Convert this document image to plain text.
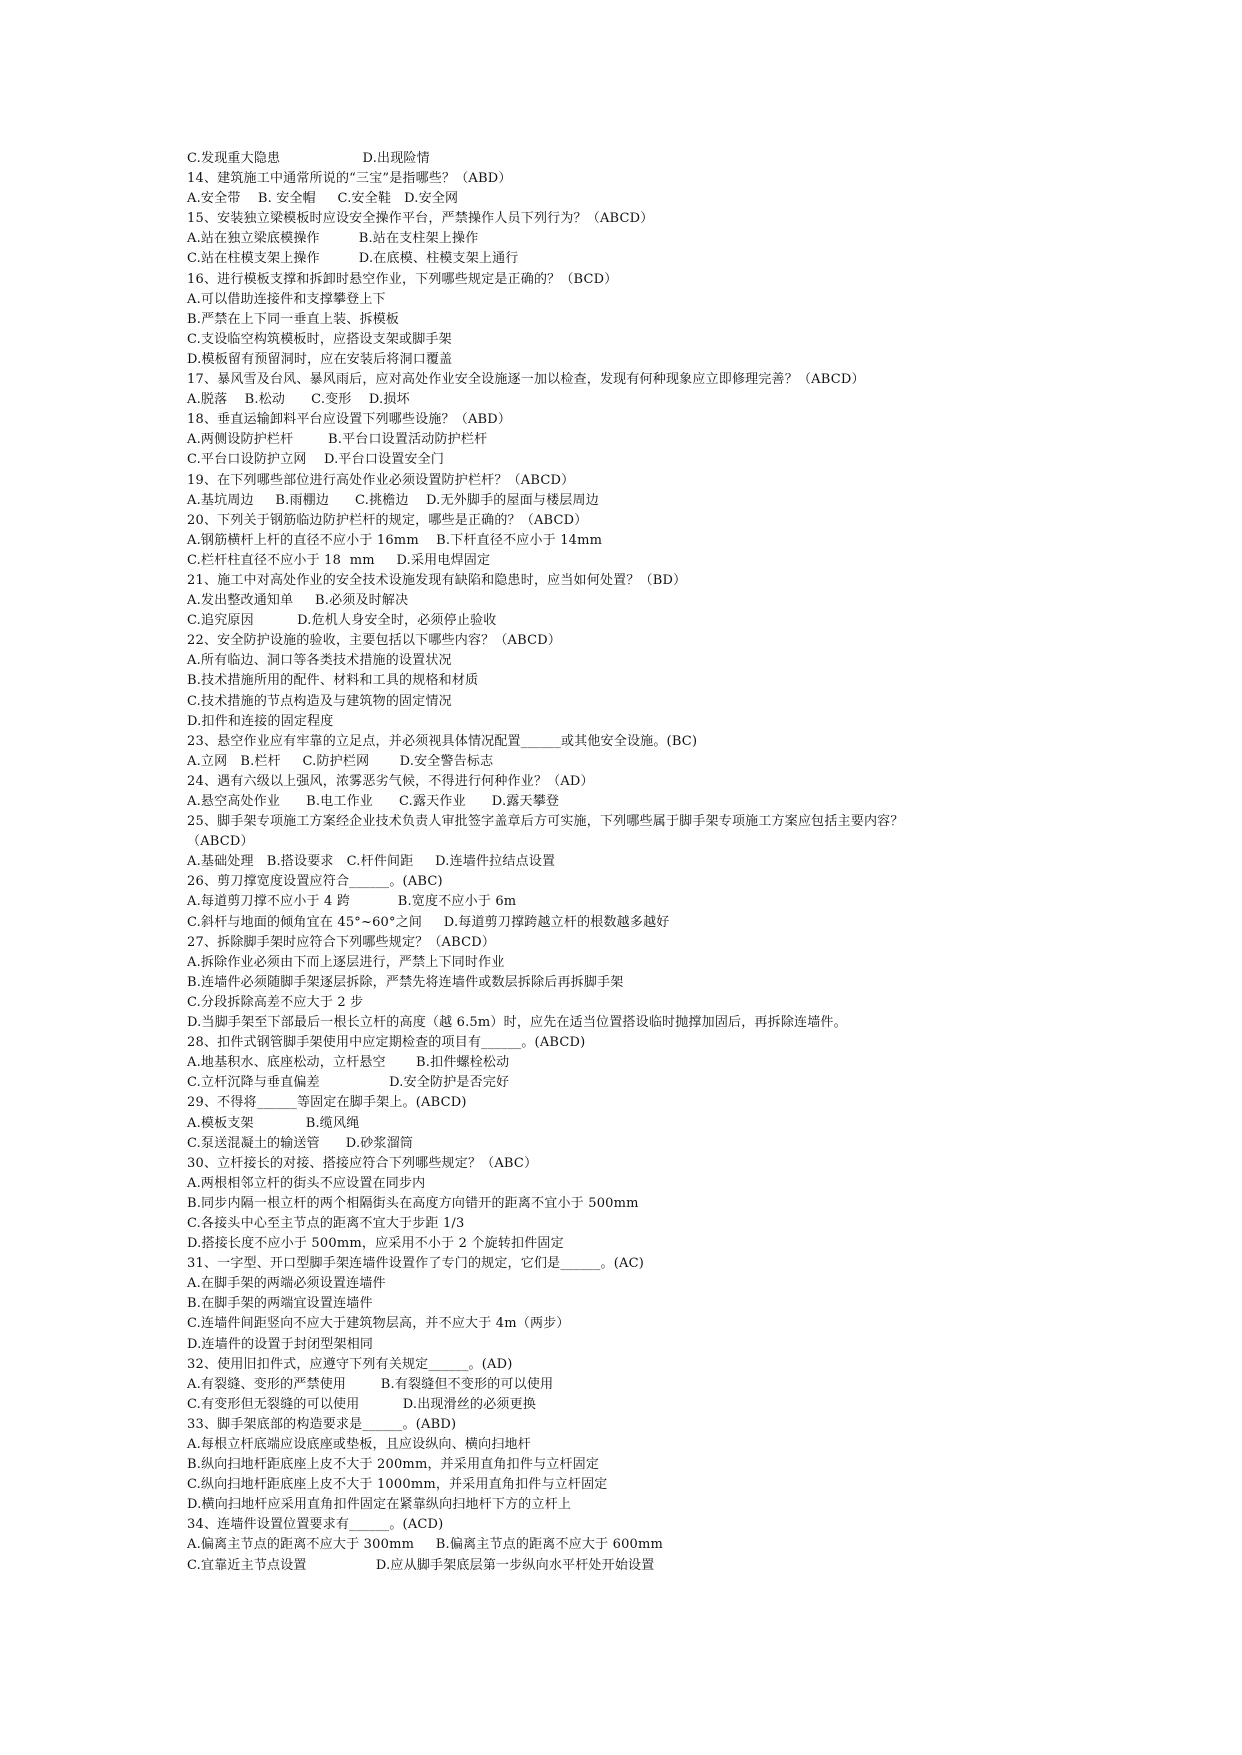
C.发现重大隐患                   D.出现险情
14、建筑施工中通常所说的“三宝”是指哪些？（ABD）
A.安全带    B. 安全帽     C.安全鞋   D.安全网
15、安装独立梁模板时应设安全操作平台，严禁操作人员下列行为？（ABCD）
A.站在独立梁底模操作         B.站在支柱架上操作
C.站在柱模支架上操作         D.在底模、柱模支架上通行
16、进行模板支撑和拆卸时悬空作业，下列哪些规定是正确的？（BCD）
A.可以借助连接件和支撑攀登上下
B.严禁在上下同一垂直上装、拆模板
C.支设临空构筑模板时，应搭设支架或脚手架
D.模板留有预留洞时，应在安装后将洞口覆盖
17、暴风雪及台风、暴风雨后，应对高处作业安全设施逐一加以检查，发现有何种现象应立即修理完善？（ABCD）
A.脱落    B.松动      C.变形    D.损坏
18、垂直运输卸料平台应设置下列哪些设施？（ABD）
A.两侧设防护栏杆        B.平台口设置活动防护栏杆
C.平台口设防护立网    D.平台口设置安全门
19、在下列哪些部位进行高处作业必须设置防护栏杆？（ABCD）
A.基坑周边     B.雨棚边      C.挑檐边    D.无外脚手的屋面与楼层周边
20、下列关于钢筋临边防护栏杆的规定，哪些是正确的？（ABCD）
A.钢筋横杆上杆的直径不应小于 16mm    B.下杆直径不应小于 14mm
C.栏杆柱直径不应小于 18  mm     D.采用电焊固定
21、施工中对高处作业的安全技术设施发现有缺陷和隐患时，应当如何处置？（BD）
A.发出整改通知单     B.必须及时解决
C.追究原因          D.危机人身安全时，必须停止验收
22、安全防护设施的验收，主要包括以下哪些内容？（ABCD）
A.所有临边、洞口等各类技术措施的设置状况
B.技术措施所用的配件、材料和工具的规格和材质
C.技术措施的节点构造及与建筑物的固定情况
D.扣件和连接的固定程度
23、悬空作业应有牢靠的立足点，并必须视具体情况配置______或其他安全设施。(BC)
A.立网   B.栏杆     C.防护栏网       D.安全警告标志
24、遇有六级以上强风，浓雾恶劣气候，不得进行何种作业？（AD）
A.悬空高处作业      B.电工作业      C.露天作业      D.露天攀登
25、脚手架专项施工方案经企业技术负责人审批签字盖章后方可实施，下列哪些属于脚手架专项施工方案应包括主要内容？
（ABCD）
A.基础处理   B.搭设要求   C.杆件间距     D.连墙件拉结点设置
26、剪刀撑宽度设置应符合______。(ABC)
A.每道剪刀撑不应小于 4 跨           B.宽度不应小于 6m
C.斜杆与地面的倾角宜在 45°~60°之间     D.每道剪刀撑跨越立杆的根数越多越好
27、拆除脚手架时应符合下列哪些规定？（ABCD）
A.拆除作业必须由下而上逐层进行，严禁上下同时作业
B.连墙件必须随脚手架逐层拆除，严禁先将连墙件或数层拆除后再拆脚手架
C.分段拆除高差不应大于 2 步
D.当脚手架至下部最后一根长立杆的高度（越 6.5m）时，应先在适当位置搭设临时抛撑加固后，再拆除连墙件。
28、扣件式钢管脚手架使用中应定期检查的项目有______。(ABCD)
A.地基积水、底座松动，立杆悬空       B.扣件螺栓松动
C.立杆沉降与垂直偏差                D.安全防护是否完好
29、不得将______等固定在脚手架上。(ABCD)
A.模板支架            B.缆风绳
C.泵送混凝土的输送管      D.砂浆溜筒
30、立杆接长的对接、搭接应符合下列哪些规定？（ABC）
A.两根相邻立杆的街头不应设置在同步内
B.同步内隔一根立杆的两个相隔街头在高度方向错开的距离不宜小于 500mm
C.各接头中心至主节点的距离不宜大于步距 1/3
D.搭接长度不应小于 500mm，应采用不小于 2 个旋转扣件固定
31、一字型、开口型脚手架连墙件设置作了专门的规定，它们是______。(AC)
A.在脚手架的两端必须设置连墙件
B.在脚手架的两端宜设置连墙件
C.连墙件间距竖向不应大于建筑物层高，并不应大于 4m（两步）
D.连墙件的设置于封闭型架相同
32、使用旧扣件式，应遵守下列有关规定______。(AD)
A.有裂缝、变形的严禁使用        B.有裂缝但不变形的可以使用
C.有变形但无裂缝的可以使用          D.出现滑丝的必须更换
33、脚手架底部的构造要求是______。(ABD)
A.每根立杆底端应设底座或垫板，且应设纵向、横向扫地杆
B.纵向扫地杆距底座上皮不大于 200mm，并采用直角扣件与立杆固定
C.纵向扫地杆距底座上皮不大于 1000mm，并采用直角扣件与立杆固定
D.横向扫地杆应采用直角扣件固定在紧靠纵向扫地杆下方的立杆上
34、连墙件设置位置要求有______。(ACD)
A.偏离主节点的距离不应大于 300mm     B.偏离主节点的距离不应大于 600mm
C.宜靠近主节点设置                D.应从脚手架底层第一步纵向水平杆处开始设置
